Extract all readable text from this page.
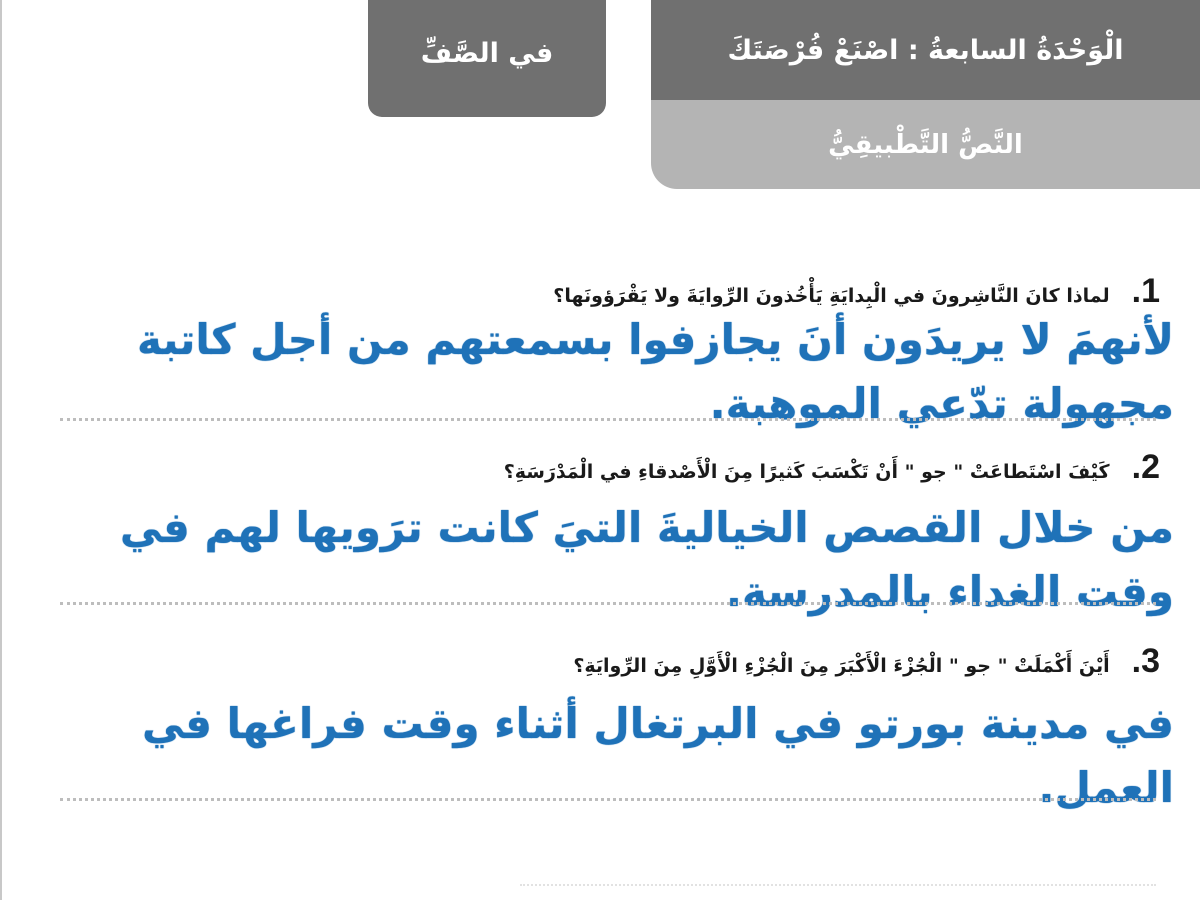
في الصَّفِّ	الْوَحْدَةُ السابعةُ : اصْنَعْ فُرْصَتَكَ
النَّصُّ التَّطْبيقِيُّ
1.
لماذا كانَ النَّاشِرونَ في الْبِدايَةِ يَأْخُذونَ الرِّوايَةَ ولا يَقْرَؤونَها؟
لأنهمَ لا يريدَون أنَ يجازفوا بسمعتهم من أجل كاتبة مجهولة تدّعي الموهبة.
2.
كَيْفَ اسْتَطاعَتْ " جو " أَنْ تَكْسَبَ كَثيرًا مِنَ الْأَصْدقاءِ في الْمَدْرَسَةِ؟
من خلال القصص الخياليةَ التيَ كانت ترَويها لهم في وقت الغداء بالمدرسة.
3.
أَيْنَ أَكْمَلَتْ " جو " الْجُزْءَ الْأَكْبَرَ مِنَ الْجُزْءِ الْأَوَّلِ مِنَ الرِّوايَةِ؟
في مدينة بورتو في البرتغال أثناء وقت فراغها في العمل.
